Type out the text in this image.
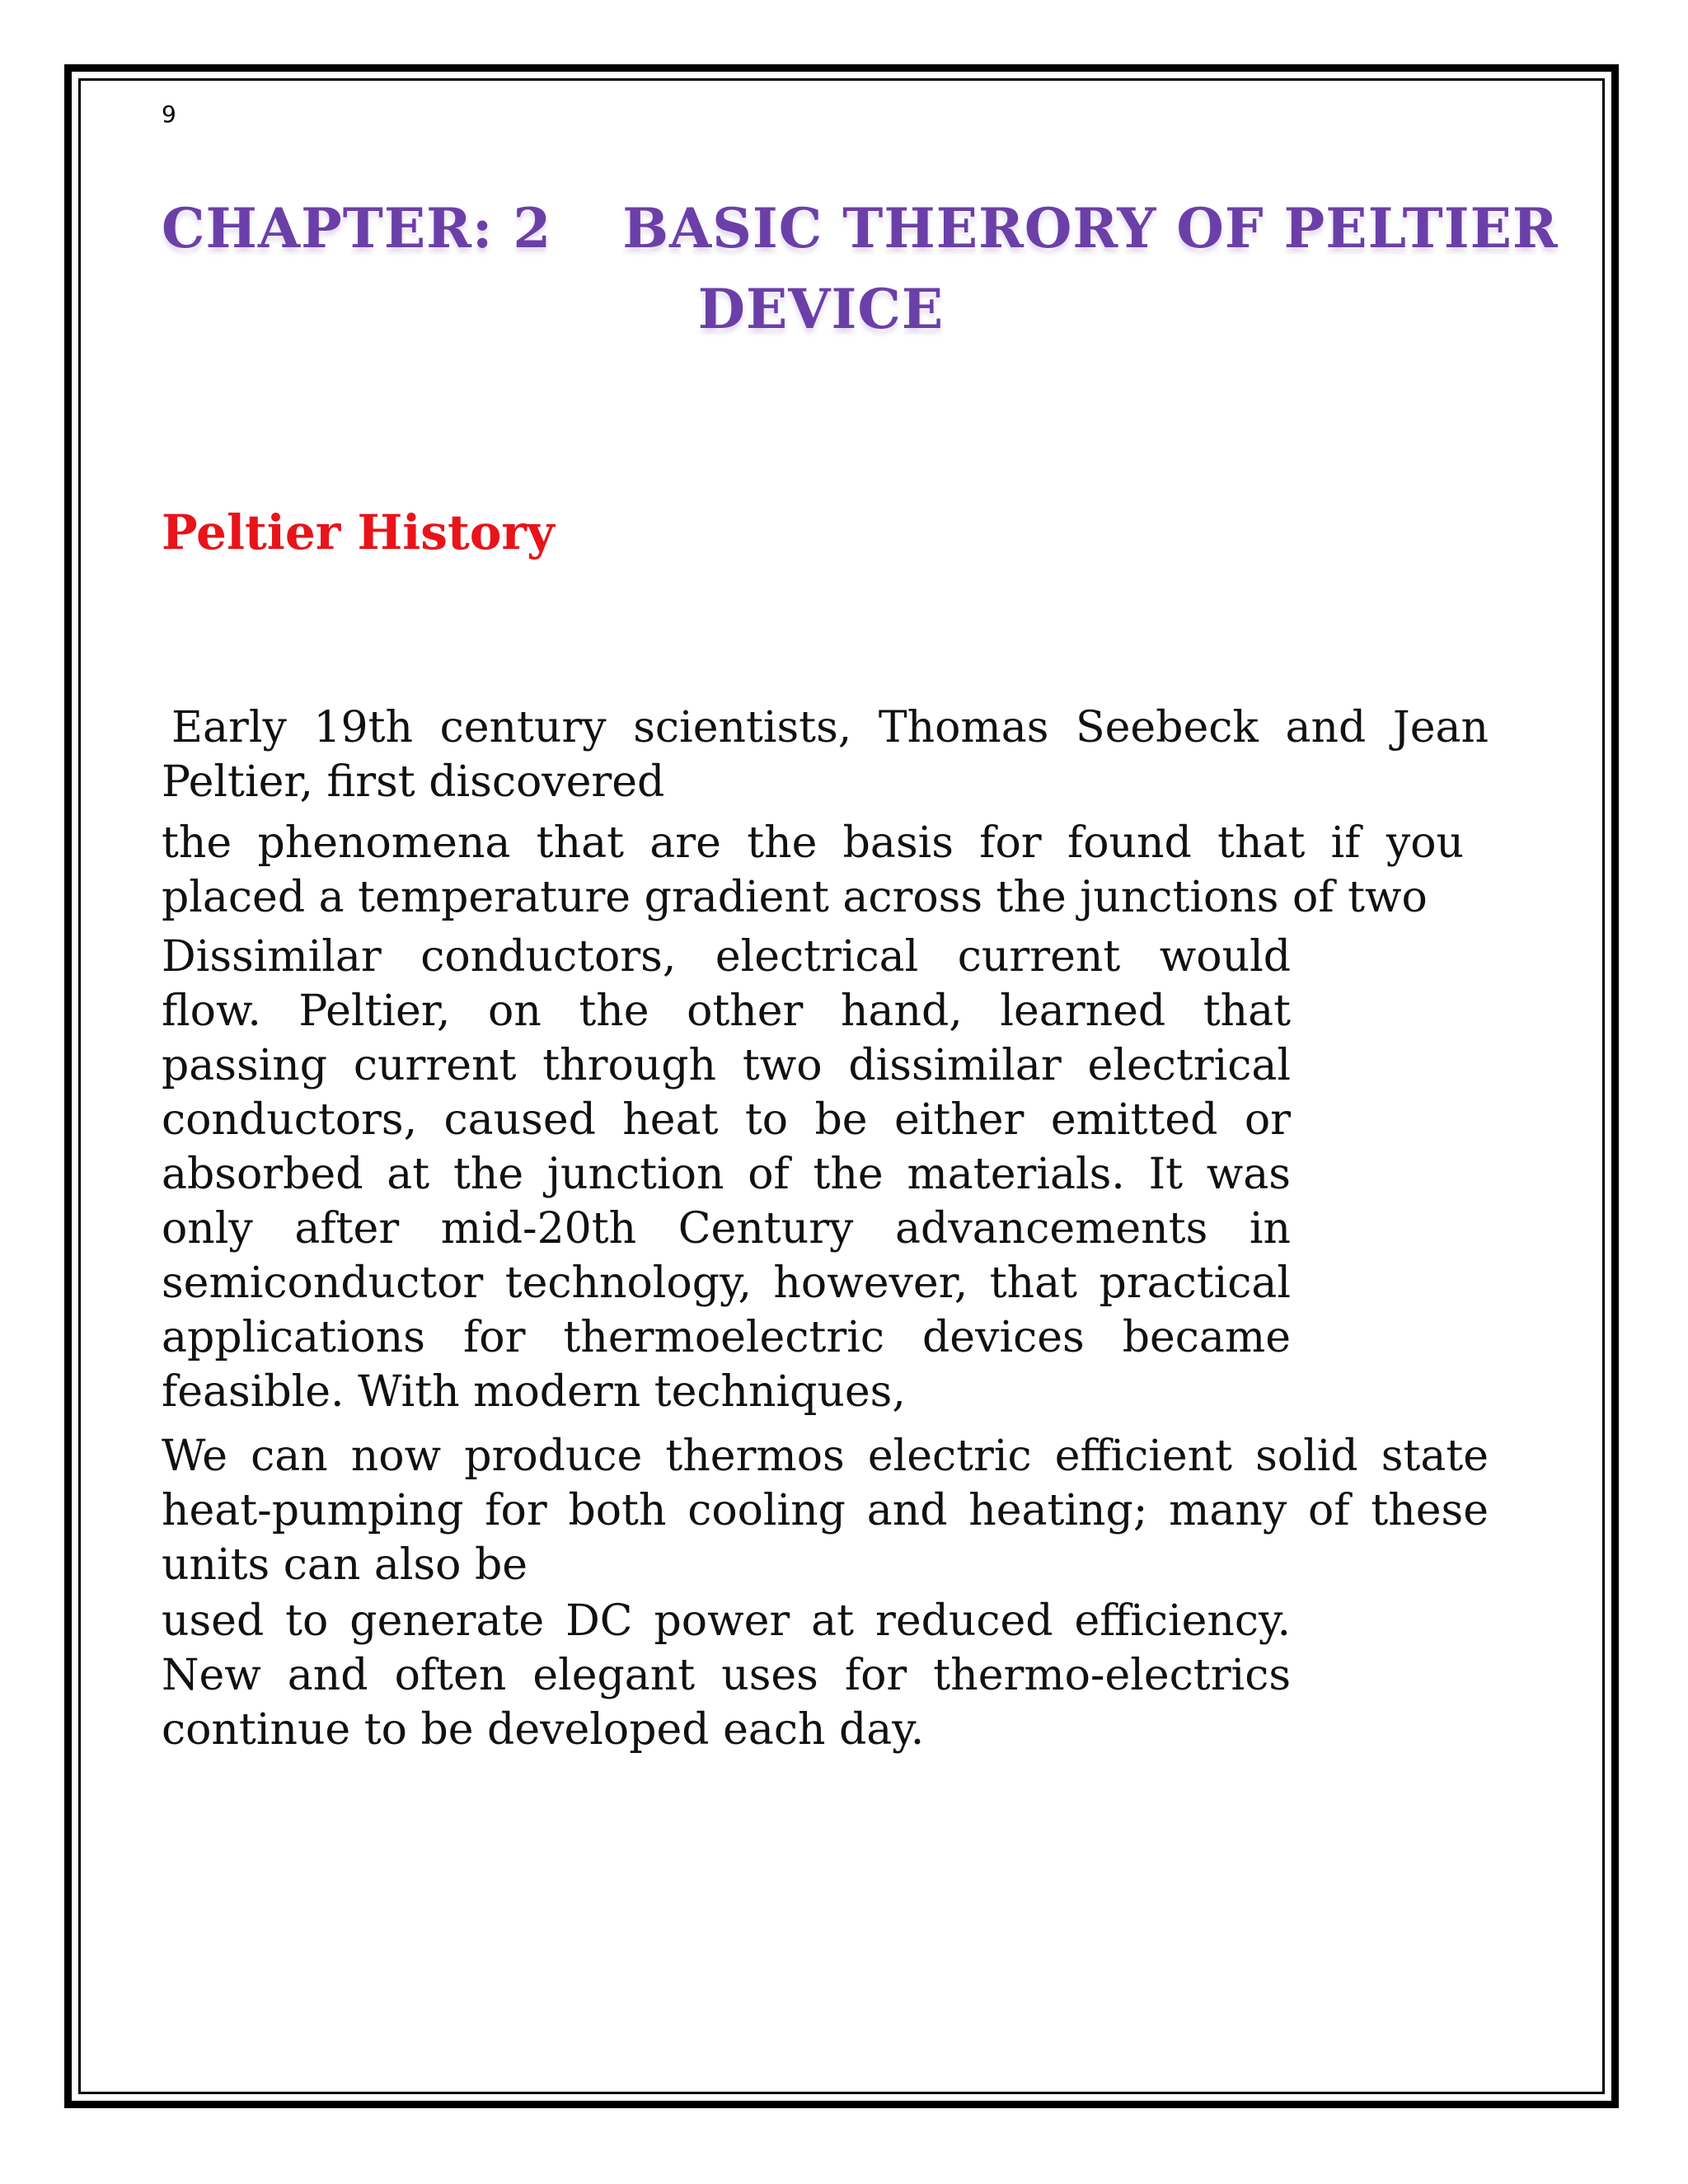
9
CHAPTER: 2 BASIC THERORY OF PELTIER
DEVICE
Peltier History
Early 19th century scientists, Thomas Seebeck and Jean Peltier, first discovered
the phenomena that are the basis for found that if you placed a temperature gradient across the junctions of two
Dissimilar conductors, electrical current would flow. Peltier, on the other hand, learned that passing current through two dissimilar electrical conductors, caused heat to be either emitted or absorbed at the junction of the materials. It was only after mid-20th Century advancements in semiconductor technology, however, that practical applications for thermoelectric devices became feasible. With modern techniques,
We can now produce thermos electric efficient solid state heat-pumping for both cooling and heating; many of these units can also be
used to generate DC power at reduced efficiency. New and often elegant uses for thermo-electrics continue to be developed each day.
